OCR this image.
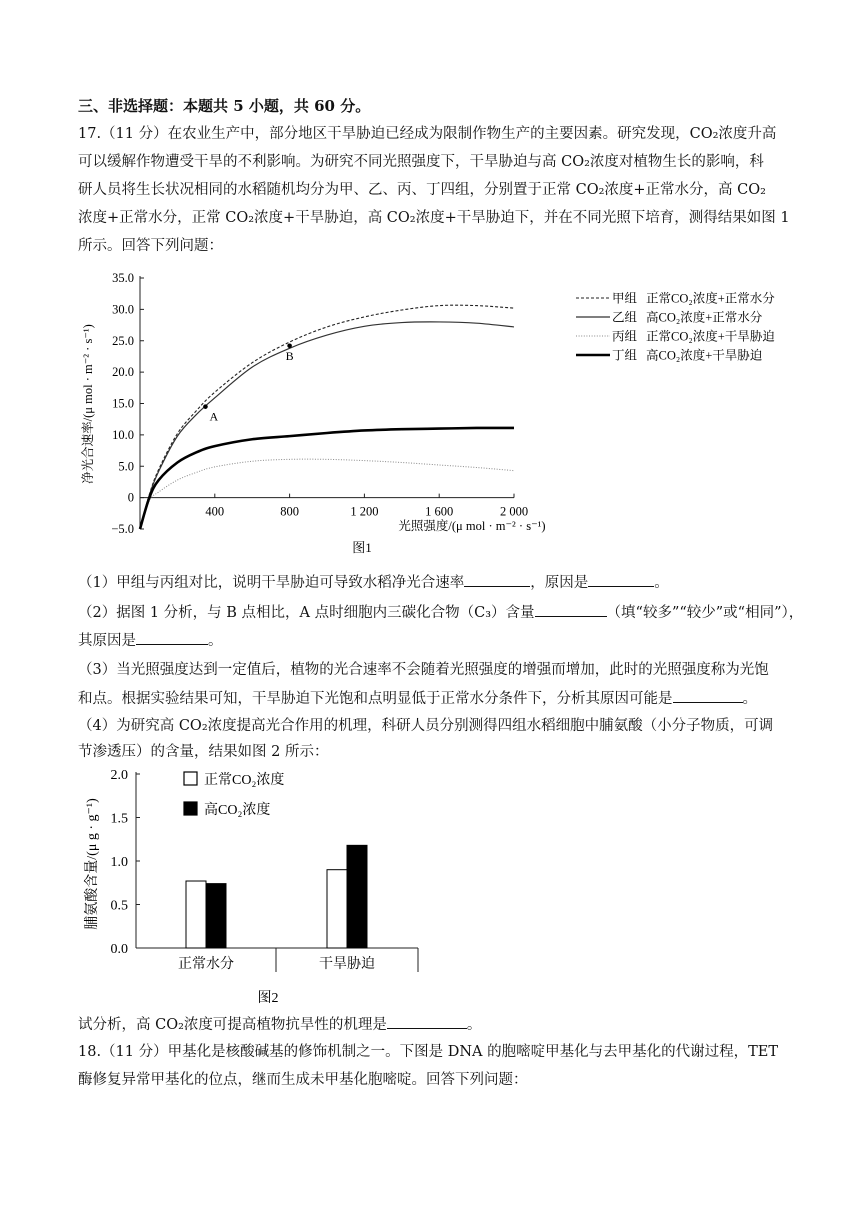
三、非选择题：本题共 5 小题，共 60 分。
17.（11 分）在农业生产中，部分地区干旱胁迫已经成为限制作物生产的主要因素。研究发现，CO₂浓度升高
可以缓解作物遭受干旱的不利影响。为研究不同光照强度下，干旱胁迫与高 CO₂浓度对植物生长的影响，科
研人员将生长状况相同的水稻随机均分为甲、乙、丙、丁四组，分别置于正常 CO₂浓度+正常水分，高 CO₂
浓度+正常水分，正常 CO₂浓度+干旱胁迫，高 CO₂浓度+干旱胁迫下，并在不同光照下培育，测得结果如图 1
所示。回答下列问题：
35.0
30.0
25.0
20.0
15.0
10.0
5.0
0
−5.0
400	800	1 200	1 600	2 000
光照强度/(μ mol · m⁻² · s⁻¹)
净光合速率/(μ mol · m⁻² · s⁻¹)
图1
A
B
甲组 正常CO₂浓度+正常水分
乙组 高CO₂浓度+正常水分
丙组 正常CO₂浓度+干旱胁迫
丁组 高CO₂浓度+干旱胁迫
（1）甲组与丙组对比，说明干旱胁迫可导致水稻净光合速率	，原因是	。
（2）据图 1 分析，与 B 点相比，A 点时细胞内三碳化合物（C₃）含量	（填“较多”“较少”或“相同”），
其原因是	。
（3）当光照强度达到一定值后，植物的光合速率不会随着光照强度的增强而增加，此时的光照强度称为光饱
和点。根据实验结果可知，干旱胁迫下光饱和点明显低于正常水分条件下，分析其原因可能是	。
（4）为研究高 CO₂浓度提高光合作用的机理，科研人员分别测得四组水稻细胞中脯氨酸（小分子物质，可调
节渗透压）的含量，结果如图 2 所示：
2.0
1.5
1.0
0.5
0.0
脯氨酸含量/(μ g · g⁻¹)
正常水分	干旱胁迫
图2
正常CO₂浓度
高CO₂浓度
试分析，高 CO₂浓度可提高植物抗旱性的机理是	。
18.（11 分）甲基化是核酸碱基的修饰机制之一。下图是 DNA 的胞嘧啶甲基化与去甲基化的代谢过程，TET
酶修复异常甲基化的位点，继而生成未甲基化胞嘧啶。回答下列问题：
